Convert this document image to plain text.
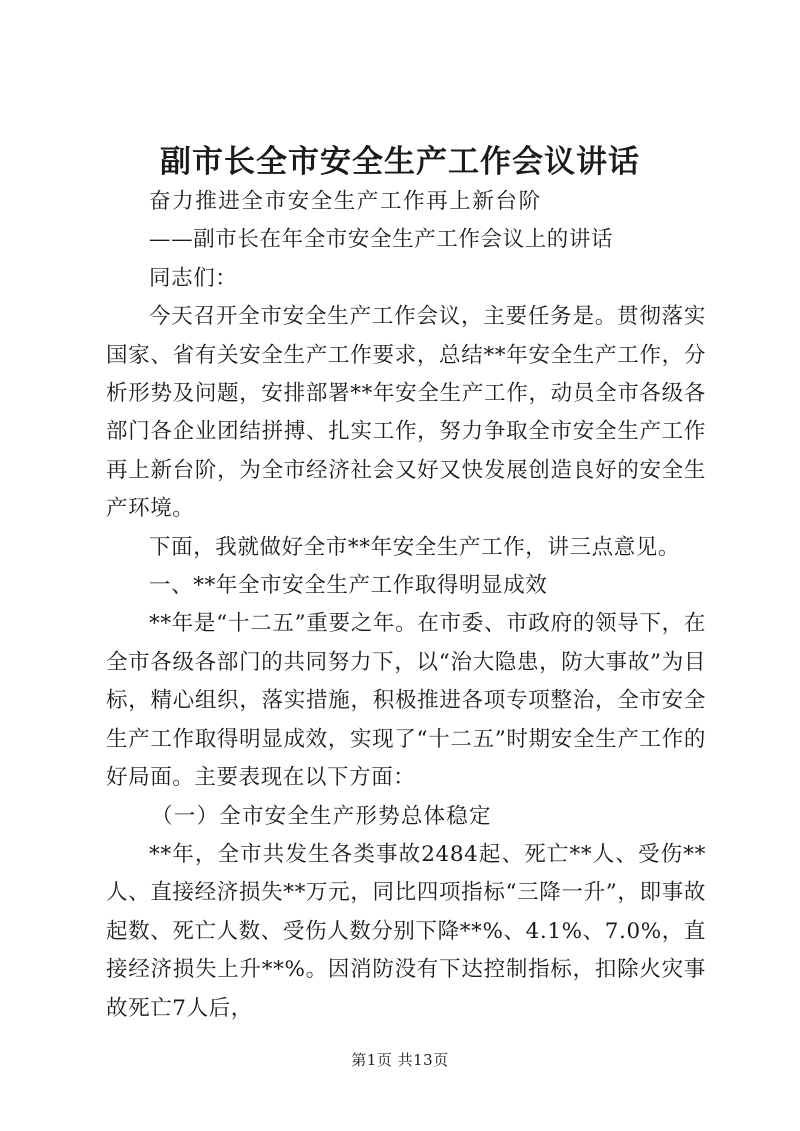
副市长全市安全生产工作会议讲话

奋力推进全市安全生产工作再上新台阶

——副市长在年全市安全生产工作会议上的讲话

同志们：

今天召开全市安全生产工作会议，主要任务是。贯彻落实国家、省有关安全生产工作要求，总结**年安全生产工作，分析形势及问题，安排部署**年安全生产工作，动员全市各级各部门各企业团结拼搏、扎实工作，努力争取全市安全生产工作再上新台阶，为全市经济社会又好又快发展创造良好的安全生产环境。

下面，我就做好全市**年安全生产工作，讲三点意见。

一、**年全市安全生产工作取得明显成效

**年是“十二五”重要之年。在市委、市政府的领导下，在全市各级各部门的共同努力下，以“治大隐患，防大事故”为目标，精心组织，落实措施，积极推进各项专项整治，全市安全生产工作取得明显成效，实现了“十二五”时期安全生产工作的好局面。主要表现在以下方面：

（一）全市安全生产形势总体稳定

**年，全市共发生各类事故2484起、死亡**人、受伤**人、直接经济损失**万元，同比四项指标“三降一升”，即事故起数、死亡人数、受伤人数分别下降**%、4.1%、7.0%，直接经济损失上升**%。因消防没有下达控制指标，扣除火灾事故死亡7人后，

第1页 共13页
